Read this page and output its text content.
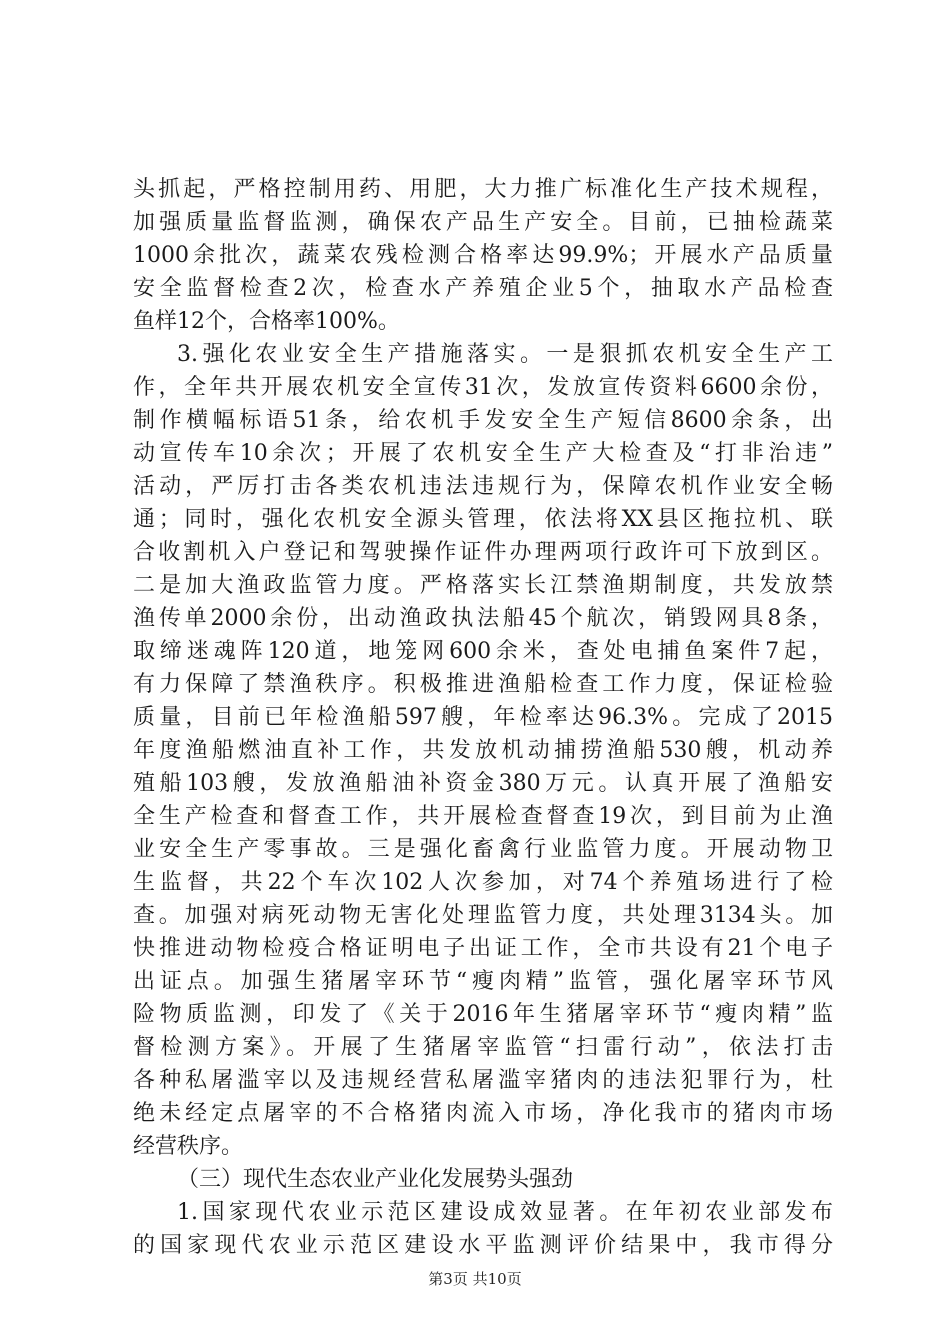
头抓起，严格控制用药、用肥，大力推广标准化生产技术规程，
加强质量监督监测，确保农产品生产安全。目前，已抽检蔬菜
1000余批次，蔬菜农残检测合格率达99.9%；开展水产品质量
安全监督检查2次，检查水产养殖企业5个，抽取水产品检查
鱼样12个，合格率100%。
3.强化农业安全生产措施落实。一是狠抓农机安全生产工
作，全年共开展农机安全宣传31次，发放宣传资料6600余份，
制作横幅标语51条，给农机手发安全生产短信8600余条，出
动宣传车10余次；开展了农机安全生产大检查及“打非治违”
活动，严厉打击各类农机违法违规行为，保障农机作业安全畅
通；同时，强化农机安全源头管理，依法将XX县区拖拉机、联
合收割机入户登记和驾驶操作证件办理两项行政许可下放到区。
二是加大渔政监管力度。严格落实长江禁渔期制度，共发放禁
渔传单2000余份，出动渔政执法船45个航次，销毁网具8条，
取缔迷魂阵120道，地笼网600余米，查处电捕鱼案件7起，
有力保障了禁渔秩序。积极推进渔船检查工作力度，保证检验
质量，目前已年检渔船597艘，年检率达96.3%。完成了2015
年度渔船燃油直补工作，共发放机动捕捞渔船530艘，机动养
殖船103艘，发放渔船油补资金380万元。认真开展了渔船安
全生产检查和督查工作，共开展检查督查19次，到目前为止渔
业安全生产零事故。三是强化畜禽行业监管力度。开展动物卫
生监督，共22个车次102人次参加，对74个养殖场进行了检
查。加强对病死动物无害化处理监管力度，共处理3134头。加
快推进动物检疫合格证明电子出证工作，全市共设有21个电子
出证点。加强生猪屠宰环节“瘦肉精”监管，强化屠宰环节风
险物质监测，印发了《关于2016年生猪屠宰环节“瘦肉精”监
督检测方案》。开展了生猪屠宰监管“扫雷行动”，依法打击
各种私屠滥宰以及违规经营私屠滥宰猪肉的违法犯罪行为，杜
绝未经定点屠宰的不合格猪肉流入市场，净化我市的猪肉市场
经营秩序。
（三）现代生态农业产业化发展势头强劲
1.国家现代农业示范区建设成效显著。在年初农业部发布
的国家现代农业示范区建设水平监测评价结果中，我市得分
第3页 共10页
